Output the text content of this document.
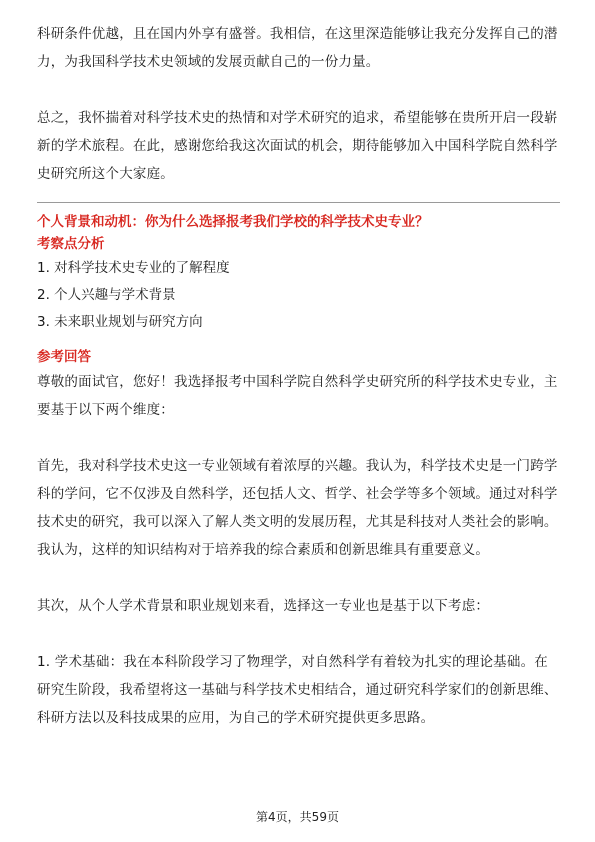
科研条件优越，且在国内外享有盛誉。我相信，在这里深造能够让我充分发挥自己的潜力，为我国科学技术史领域的发展贡献自己的一份力量。

总之，我怀揣着对科学技术史的热情和对学术研究的追求，希望能够在贵所开启一段崭新的学术旅程。在此，感谢您给我这次面试的机会，期待能够加入中国科学院自然科学史研究所这个大家庭。

个人背景和动机：你为什么选择报考我们学校的科学技术史专业？
考察点分析
1. 对科学技术史专业的了解程度
2. 个人兴趣与学术背景
3. 未来职业规划与研究方向
参考回答

尊敬的面试官，您好！我选择报考中国科学院自然科学史研究所的科学技术史专业，主要基于以下两个维度：

首先，我对科学技术史这一专业领域有着浓厚的兴趣。我认为，科学技术史是一门跨学科的学问，它不仅涉及自然科学，还包括人文、哲学、社会学等多个领域。通过对科学技术史的研究，我可以深入了解人类文明的发展历程，尤其是科技对人类社会的影响。我认为，这样的知识结构对于培养我的综合素质和创新思维具有重要意义。

其次，从个人学术背景和职业规划来看，选择这一专业也是基于以下考虑：

1. 学术基础：我在本科阶段学习了物理学，对自然科学有着较为扎实的理论基础。在研究生阶段，我希望将这一基础与科学技术史相结合，通过研究科学家们的创新思维、科研方法以及科技成果的应用，为自己的学术研究提供更多思路。

第4页，共59页
